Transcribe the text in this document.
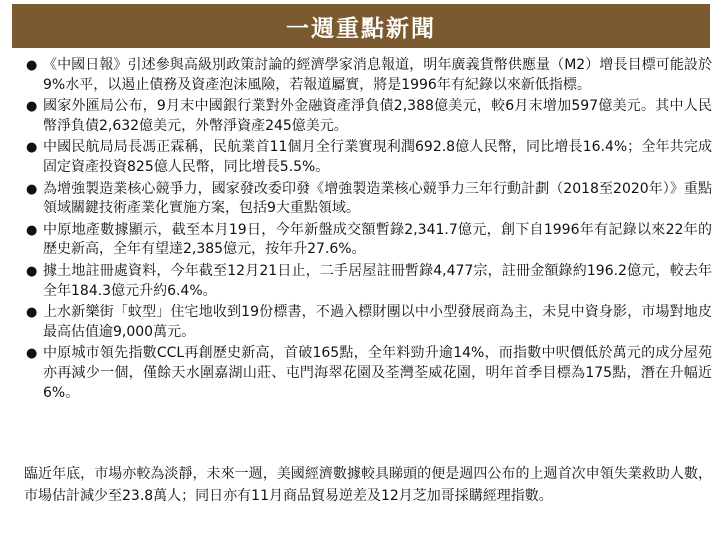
一週重點新聞
● 《中國日報》引述參與高級別政策討論的經濟學家消息報道，明年廣義貨幣供應量（M2）增長目標可能設於9%水平，以遏止債務及資產泡沫風險，若報道屬實，將是1996年有紀錄以來新低指標。
● 國家外匯局公布，9月末中國銀行業對外金融資產淨負債2,388億美元，較6月末增加597億美元。其中人民幣淨負債2,632億美元，外幣淨資產245億美元。
● 中國民航局局長馮正霖稱，民航業首11個月全行業實現利潤692.8億人民幣，同比增長16.4%；全年共完成固定資產投資825億人民幣，同比增長5.5%。
● 為增強製造業核心競爭力，國家發改委印發《增強製造業核心競爭力三年行動計劃（2018至2020年）》重點領域關鍵技術產業化實施方案，包括9大重點領域。
● 中原地產數據顯示，截至本月19日，今年新盤成交額暫錄2,341.7億元，創下自1996年有記錄以來22年的歷史新高，全年有望達2,385億元，按年升27.6%。
● 據土地註冊處資料，今年截至12月21日止，二手居屋註冊暫錄4,477宗，註冊金額錄約196.2億元，較去年全年184.3億元升約6.4%。
● 上水新樂街「蚊型」住宅地收到19份標書，不過入標財團以中小型發展商為主，未見中資身影，市場對地皮最高估值逾9,000萬元。
● 中原城市領先指數CCL再創歷史新高，首破165點，全年料勁升逾14%，而指數中呎價低於萬元的成分屋苑亦再減少一個，僅餘天水圍嘉湖山莊、屯門海翠花園及荃灣荃威花園，明年首季目標為175點，潛在升幅近6%。

臨近年底，市場亦較為淡靜，未來一週，美國經濟數據較具睇頭的便是週四公布的上週首次申領失業救助人數，市場估計減少至23.8萬人；同日亦有11月商品貿易逆差及12月芝加哥採購經理指數。
